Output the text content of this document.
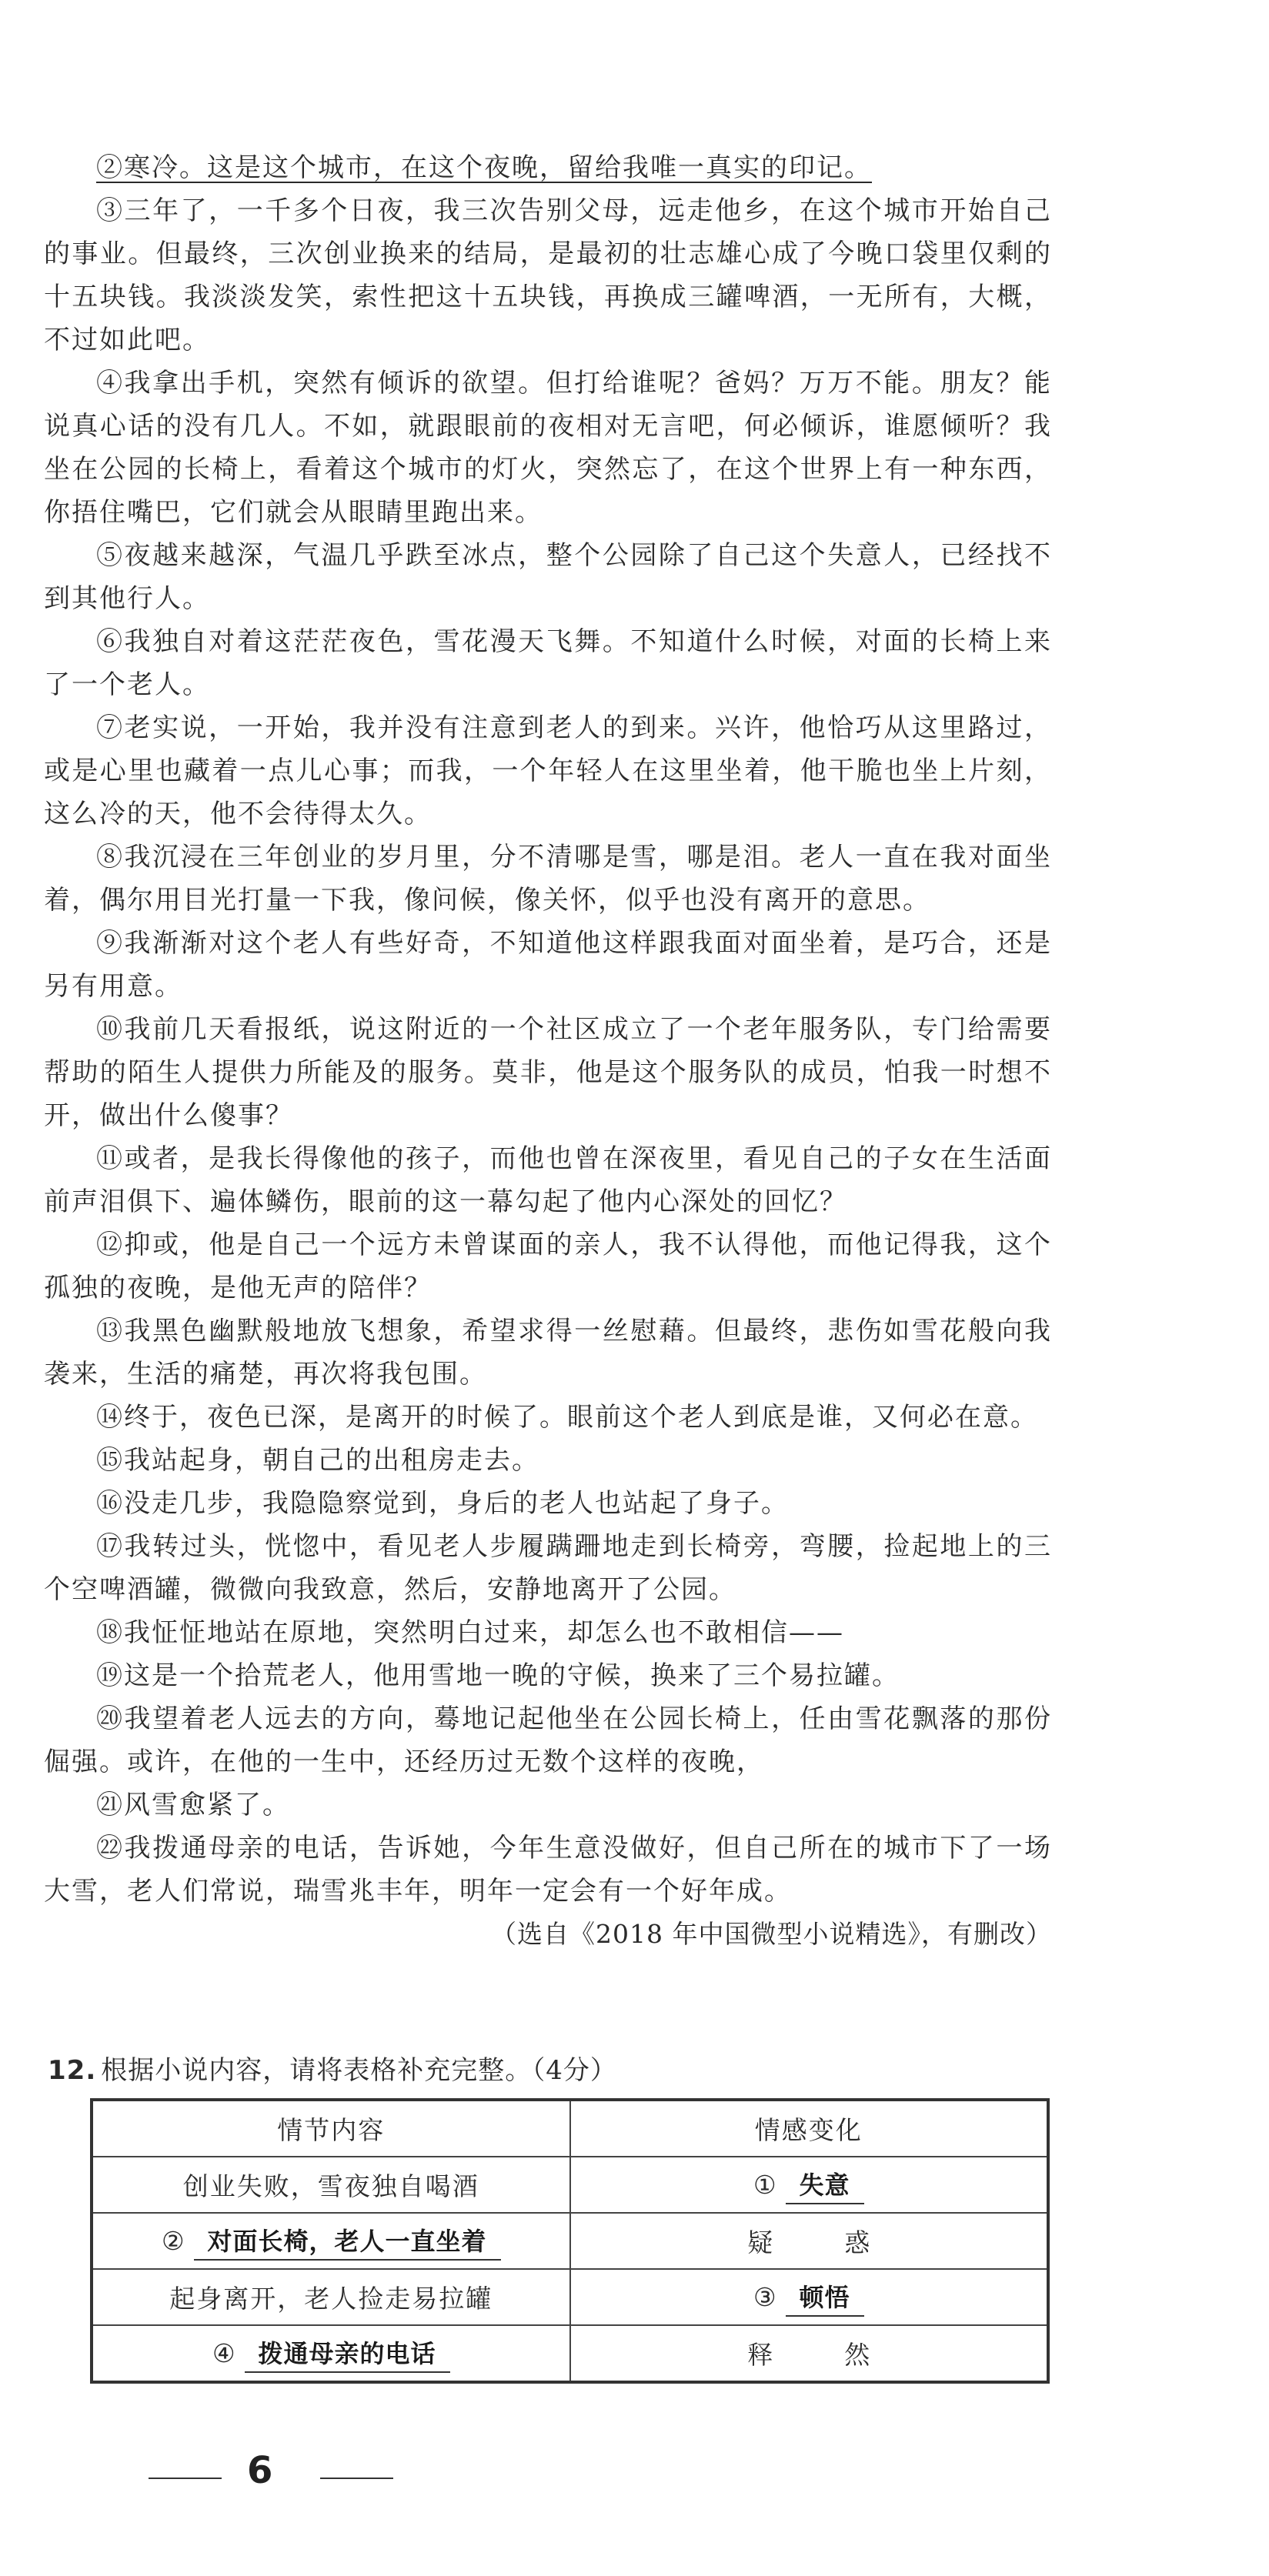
②寒冷。这是这个城市，在这个夜晚，留给我唯一真实的印记。

③三年了，一千多个日夜，我三次告别父母，远走他乡，在这个城市开始自己的事业。但最终，三次创业换来的结局，是最初的壮志雄心成了今晚口袋里仅剩的十五块钱。我淡淡发笑，索性把这十五块钱，再换成三罐啤酒，一无所有，大概，不过如此吧。

④我拿出手机，突然有倾诉的欲望。但打给谁呢？爸妈？万万不能。朋友？能说真心话的没有几人。不如，就跟眼前的夜相对无言吧，何必倾诉，谁愿倾听？我坐在公园的长椅上，看着这个城市的灯火，突然忘了，在这个世界上有一种东西，你捂住嘴巴，它们就会从眼睛里跑出来。

⑤夜越来越深，气温几乎跌至冰点，整个公园除了自己这个失意人，已经找不到其他行人。

⑥我独自对着这茫茫夜色，雪花漫天飞舞。不知道什么时候，对面的长椅上来了一个老人。

⑦老实说，一开始，我并没有注意到老人的到来。兴许，他恰巧从这里路过，或是心里也藏着一点儿心事；而我，一个年轻人在这里坐着，他干脆也坐上片刻，这么冷的天，他不会待得太久。

⑧我沉浸在三年创业的岁月里，分不清哪是雪，哪是泪。老人一直在我对面坐着，偶尔用目光打量一下我，像问候，像关怀，似乎也没有离开的意思。

⑨我渐渐对这个老人有些好奇，不知道他这样跟我面对面坐着，是巧合，还是另有用意。

⑩我前几天看报纸，说这附近的一个社区成立了一个老年服务队，专门给需要帮助的陌生人提供力所能及的服务。莫非，他是这个服务队的成员，怕我一时想不开，做出什么傻事？

⑪或者，是我长得像他的孩子，而他也曾在深夜里，看见自己的子女在生活面前声泪俱下、遍体鳞伤，眼前的这一幕勾起了他内心深处的回忆？

⑫抑或，他是自己一个远方未曾谋面的亲人，我不认得他，而他记得我，这个孤独的夜晚，是他无声的陪伴？

⑬我黑色幽默般地放飞想象，希望求得一丝慰藉。但最终，悲伤如雪花般向我袭来，生活的痛楚，再次将我包围。

⑭终于，夜色已深，是离开的时候了。眼前这个老人到底是谁，又何必在意。

⑮我站起身，朝自己的出租房走去。

⑯没走几步，我隐隐察觉到，身后的老人也站起了身子。

⑰我转过头，恍惚中，看见老人步履蹒跚地走到长椅旁，弯腰，捡起地上的三个空啤酒罐，微微向我致意，然后，安静地离开了公园。

⑱我怔怔地站在原地，突然明白过来，却怎么也不敢相信——

⑲这是一个拾荒老人，他用雪地一晚的守候，换来了三个易拉罐。

⑳我望着老人远去的方向，蓦地记起他坐在公园长椅上，任由雪花飘落的那份倔强。或许，在他的一生中，还经历过无数个这样的夜晚，

㉑风雪愈紧了。

㉒我拨通母亲的电话，告诉她，今年生意没做好，但自己所在的城市下了一场大雪，老人们常说，瑞雪兆丰年，明年一定会有一个好年成。

（选自《2018 年中国微型小说精选》，有删改）

12. 根据小说内容，请将表格补充完整。（4分）

情节内容	情感变化
创业失败，雪夜独自喝酒	① 失意
② 对面长椅，老人一直坐着	疑　惑
起身离开，老人捡走易拉罐	③ 顿悟
④ 拨通母亲的电话	释　然
6
